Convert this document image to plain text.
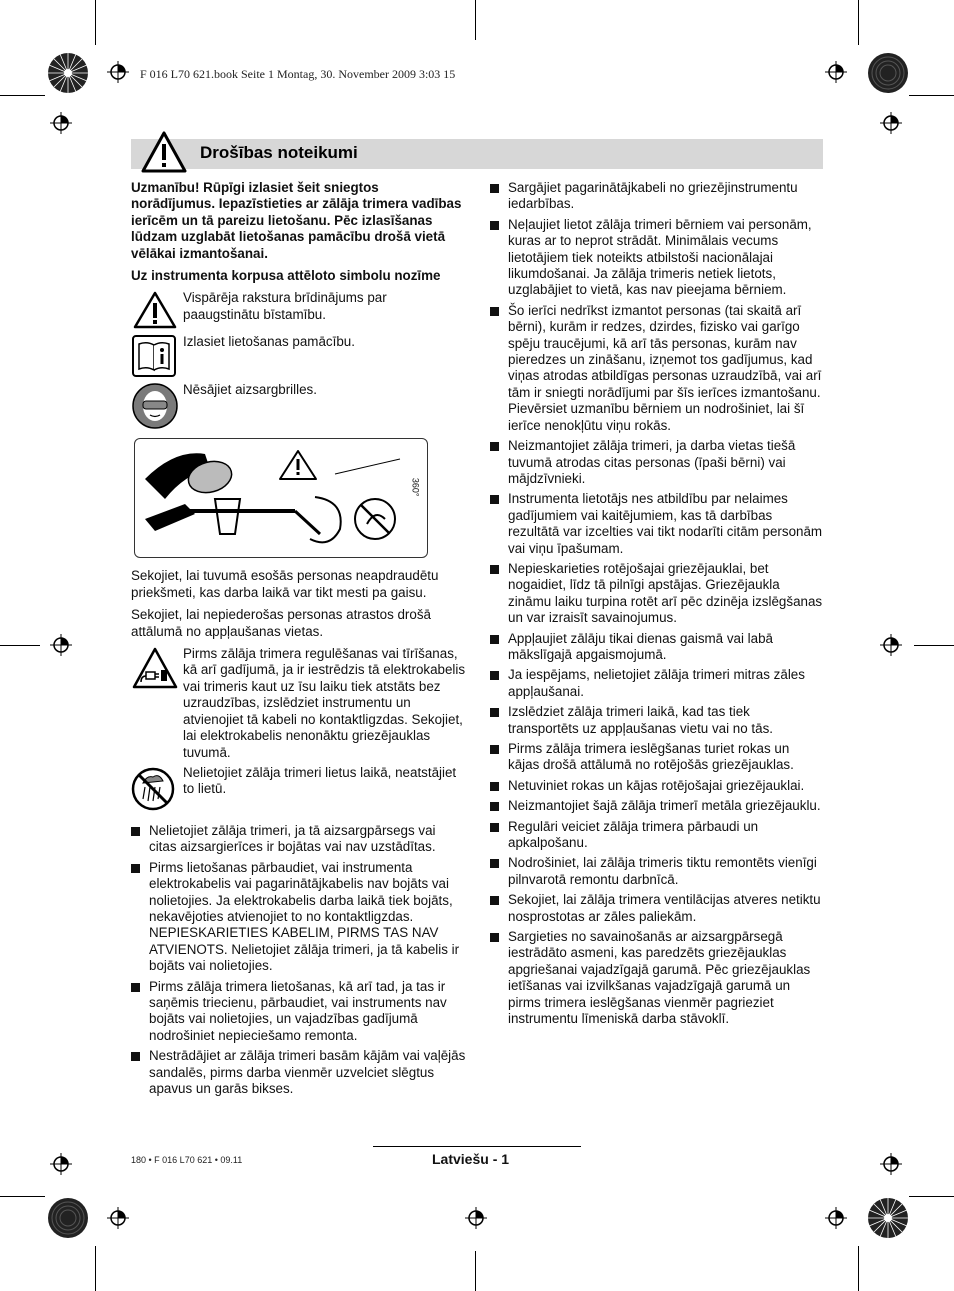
F 016 L70 621.book Seite 1 Montag, 30. November 2009 3:03 15
Drošības noteikumi

Uzmanību! Rūpīgi izlasiet šeit sniegtos norādījumus. Iepazīstieties ar zālāja trimera vadības ierīcēm un tā pareizu lietošanu. Pēc izlasīšanas lūdzam uzglabāt lietošanas pamācību drošā vietā vēlākai izmantošanai.

Uz instrumenta korpusa attēloto simbolu nozīme

Vispārēja rakstura brīdinājums par paaugstinātu bīstamību.
Izlasiet lietošanas pamācību.
Nēsājiet aizsargbrilles.
360°

Sekojiet, lai tuvumā esošās personas neapdraudētu priekšmeti, kas darba laikā var tikt mesti pa gaisu.

Sekojiet, lai nepiederošas personas atrastos drošā attālumā no appļaušanas vietas.

Pirms zālāja trimera regulēšanas vai tīrīšanas, kā arī gadījumā, ja ir iestrēdzis tā elektrokabelis vai trimeris kaut uz īsu laiku tiek atstāts bez uzraudzības, izslēdziet instrumentu un atvienojiet tā kabeli no kontaktligzdas. Sekojiet, lai elektrokabelis nenonāktu griezējauklas tuvumā.
Nelietojiet zālāja trimeri lietus laikā, neatstājiet to lietū.
Nelietojiet zālāja trimeri, ja tā aizsargpārsegs vai citas aizsargierīces ir bojātas vai nav uzstādītas.
Pirms lietošanas pārbaudiet, vai instrumenta elektrokabelis vai pagarinātājkabelis nav bojāts vai nolietojies. Ja elektrokabelis darba laikā tiek bojāts, nekavējoties atvienojiet to no kontaktligzdas. NEPIESKARIETIES KABELIM, PIRMS TAS NAV ATVIENOTS. Nelietojiet zālāja trimeri, ja tā kabelis ir bojāts vai nolietojies.
Pirms zālāja trimera lietošanas, kā arī tad, ja tas ir saņēmis triecienu, pārbaudiet, vai instruments nav bojāts vai nolietojies, un vajadzības gadījumā nodrošiniet nepieciešamo remonta.
Nestrādājiet ar zālāja trimeri basām kājām vai vaļējās sandalēs, pirms darba vienmēr uzvelciet slēgtus apavus un garās bikses.
Sargājiet pagarinātājkabeli no griezējinstrumentu iedarbības.
Neļaujiet lietot zālāja trimeri bērniem vai personām, kuras ar to neprot strādāt. Minimālais vecums lietotājiem tiek noteikts atbilstoši nacionālajai likumdošanai. Ja zālāja trimeris netiek lietots, uzglabājiet to vietā, kas nav pieejama bērniem.
Šo ierīci nedrīkst izmantot personas (tai skaitā arī bērni), kurām ir redzes, dzirdes, fizisko vai garīgo spēju traucējumi, kā arī tās personas, kurām nav pieredzes un zināšanu, izņemot tos gadījumus, kad viņas atrodas atbildīgas personas uzraudzībā, vai arī tām ir sniegti norādījumi par šīs ierīces izmantošanu. Pievērsiet uzmanību bērniem un nodrošiniet, lai šī ierīce nenokļūtu viņu rokās.
Neizmantojiet zālāja trimeri, ja darba vietas tiešā tuvumā atrodas citas personas (īpaši bērni) vai mājdzīvnieki.
Instrumenta lietotājs nes atbildību par nelaimes gadījumiem vai kaitējumiem, kas tā darbības rezultātā var izcelties vai tikt nodarīti citām personām vai viņu īpašumam.
Nepieskarieties rotējošajai griezējauklai, bet nogaidiet, līdz tā pilnīgi apstājas. Griezējaukla zināmu laiku turpina rotēt arī pēc dzinēja izslēgšanas un var izraisīt savainojumus.
Appļaujiet zālāju tikai dienas gaismā vai labā mākslīgajā apgaismojumā.
Ja iespējams, nelietojiet zālāja trimeri mitras zāles appļaušanai.
Izslēdziet zālāja trimeri laikā, kad tas tiek transportēts uz appļaušanas vietu vai no tās.
Pirms zālāja trimera ieslēgšanas turiet rokas un kājas drošā attālumā no rotējošās griezējauklas.
Netuviniet rokas un kājas rotējošajai griezējauklai.
Neizmantojiet šajā zālāja trimerī metāla griezējauklu.
Regulāri veiciet zālāja trimera pārbaudi un apkalpošanu.
Nodrošiniet, lai zālāja trimeris tiktu remontēts vienīgi pilnvarotā remontu darbnīcā.
Sekojiet, lai zālāja trimera ventilācijas atveres netiktu nosprostotas ar zāles paliekām.
Sargieties no savainošanās ar aizsargpārsegā iestrādāto asmeni, kas paredzēts griezējauklas apgriešanai vajadzīgajā garumā. Pēc griezējauklas ietīšanas vai izvilkšanas vajadzīgajā garumā un pirms trimera ieslēgšanas vienmēr pagrieziet instrumentu līmeniskā darba stāvoklī.
180 • F 016 L70 621 • 09.11	Latviešu - 1
